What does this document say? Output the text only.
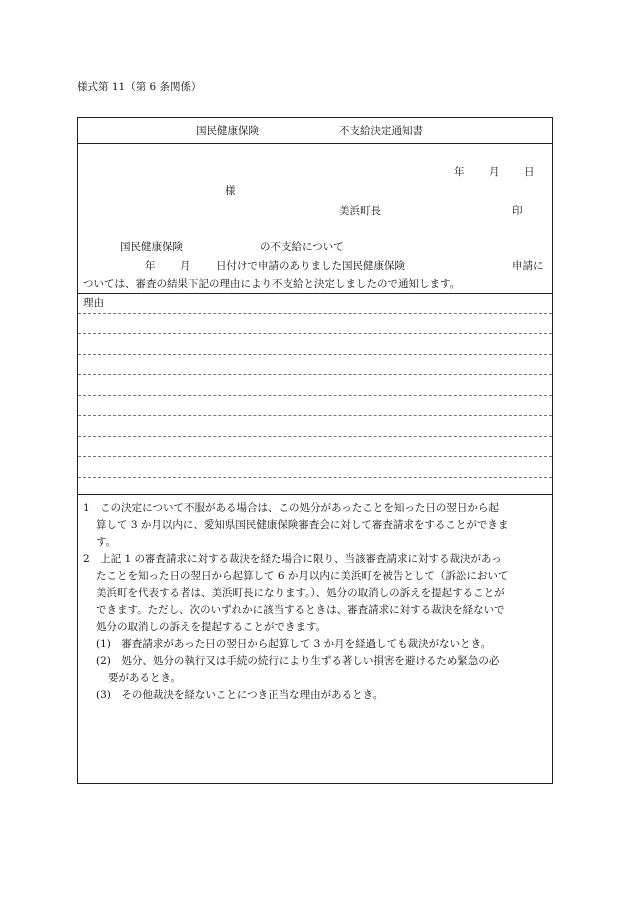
様式第 11（第 6 条関係）
国民健康保険	不支給決定通知書
年 月 日
様
美浜町長	印
国民健康保険	の不支給について
年 月 日付けで申請のありました国民健康保険	申請に
ついては、審査の結果下記の理由により不支給と決定しましたので通知します。
理由

1　この決定について不服がある場合は、この処分があったことを知った日の翌日から起

算して 3 か月以内に、愛知県国民健康保険審査会に対して審査請求をすることができま

す。

2　上記 1 の審査請求に対する裁決を経た場合に限り、当該審査請求に対する裁決があっ

たことを知った日の翌日から起算して 6 か月以内に美浜町を被告として（訴訟において

美浜町を代表する者は、美浜町長になります。）、処分の取消しの訴えを提起することが

できます。ただし、次のいずれかに該当するときは、審査請求に対する裁決を経ないで

処分の取消しの訴えを提起することができます。

(1)　審査請求があった日の翌日から起算して 3 か月を経過しても裁決がないとき。

(2)　処分、処分の執行又は手続の続行により生ずる著しい損害を避けるため緊急の必

要があるとき。

(3)　その他裁決を経ないことにつき正当な理由があるとき。
